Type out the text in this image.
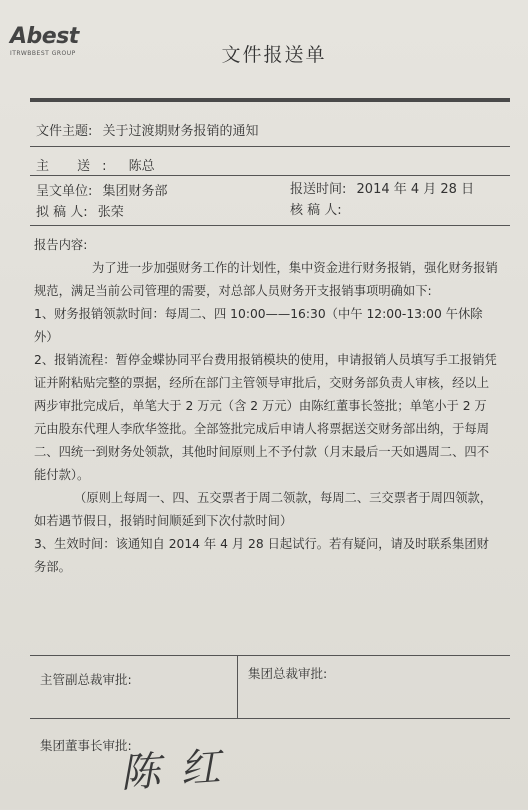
Abest
ITRWBBEST GROUP	文件报送单
文件主题: 关于过渡期财务报销的通知
主 送: 陈总
呈文单位: 集团财务部	报送时间: 2014 年 4 月 28 日
拟 稿 人: 张荣	核 稿 人:

报告内容:

为了进一步加强财务工作的计划性，集中资金进行财务报销，强化财务报销规范，满足当前公司管理的需要，对总部人员财务开支报销事项明确如下:

1、财务报销领款时间：每周二、四 10:00——16:30（中午 12:00-13:00 午休除外）

2、报销流程：暂停金蝶协同平台费用报销模块的使用，申请报销人员填写手工报销凭证并附粘贴完整的票据，经所在部门主管领导审批后，交财务部负责人审核，经以上两步审批完成后，单笔大于 2 万元（含 2 万元）由陈红董事长签批；单笔小于 2 万元由股东代理人李欣华签批。全部签批完成后申请人将票据送交财务部出纳，于每周二、四统一到财务处领款，其他时间原则上不予付款（月末最后一天如遇周二、四不能付款）。

（原则上每周一、四、五交票者于周二领款，每周二、三交票者于周四领款，如若遇节假日，报销时间顺延到下次付款时间）

3、生效时间：该通知自 2014 年 4 月 28 日起试行。若有疑问，请及时联系集团财务部。

主管副总裁审批:	集团总裁审批:
集团董事长审批:
陈红
